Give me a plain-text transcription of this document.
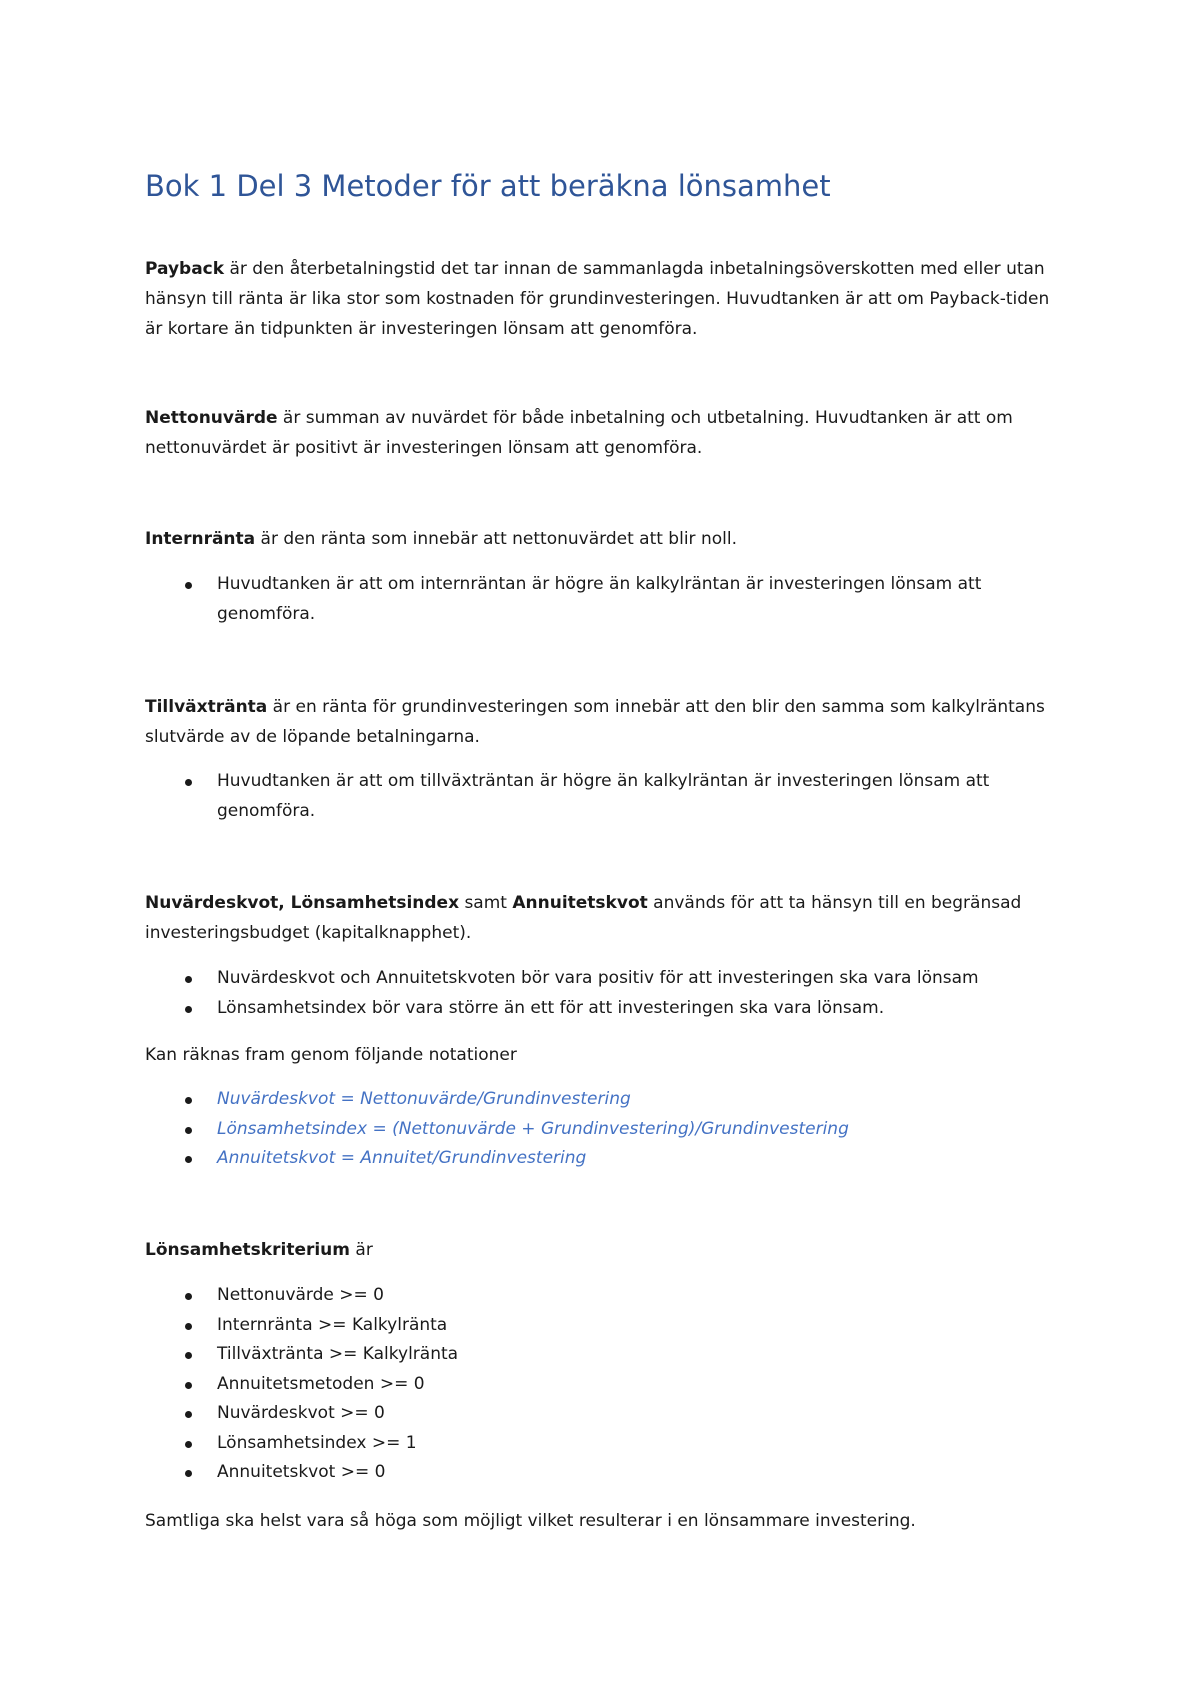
Bok 1 Del 3 Metoder för att beräkna lönsamhet

Payback är den återbetalningstid det tar innan de sammanlagda inbetalningsöverskotten med eller utan hänsyn till ränta är lika stor som kostnaden för grundinvesteringen. Huvudtanken är att om Payback-tiden är kortare än tidpunkten är investeringen lönsam att genomföra.

Nettonuvärde är summan av nuvärdet för både inbetalning och utbetalning. Huvudtanken är att om nettonuvärdet är positivt är investeringen lönsam att genomföra.

Internränta är den ränta som innebär att nettonuvärdet att blir noll.

Huvudtanken är att om internräntan är högre än kalkylräntan är investeringen lönsam att genomföra.

Tillväxtränta är en ränta för grundinvesteringen som innebär att den blir den samma som kalkylräntans slutvärde av de löpande betalningarna.

Huvudtanken är att om tillväxträntan är högre än kalkylräntan är investeringen lönsam att genomföra.

Nuvärdeskvot, Lönsamhetsindex samt Annuitetskvot används för att ta hänsyn till en begränsad investeringsbudget (kapitalknapphet).

Nuvärdeskvot och Annuitetskvoten bör vara positiv för att investeringen ska vara lönsam
Lönsamhetsindex bör vara större än ett för att investeringen ska vara lönsam.

Kan räknas fram genom följande notationer

Nuvärdeskvot = Nettonuvärde/Grundinvestering
Lönsamhetsindex = (Nettonuvärde + Grundinvestering)/Grundinvestering
Annuitetskvot = Annuitet/Grundinvestering

Lönsamhetskriterium är

Nettonuvärde >= 0
Internränta >= Kalkylränta
Tillväxtränta >= Kalkylränta
Annuitetsmetoden >= 0
Nuvärdeskvot >= 0
Lönsamhetsindex >= 1
Annuitetskvot >= 0

Samtliga ska helst vara så höga som möjligt vilket resulterar i en lönsammare investering.
